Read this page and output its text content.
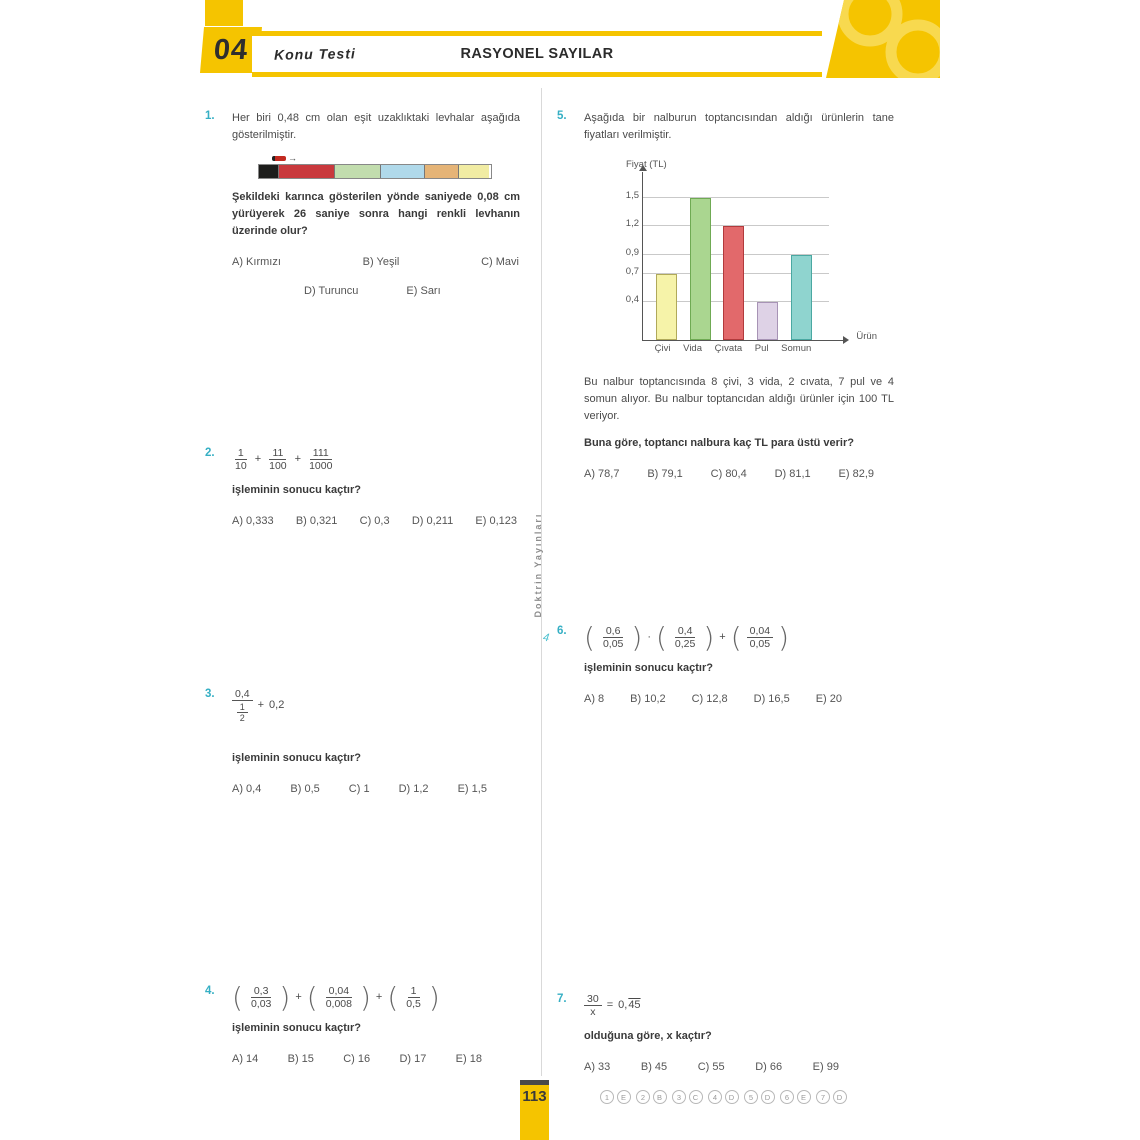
04 Konu Testi	RASYONEL SAYILAR
Doktrin Yayınları
4
1.	Her biri 0,48 cm olan eşit uzaklıktaki levhalar aşağıda gösterilmiştir.

→

Şekildeki karınca gösterilen yönde saniyede 0,08 cm yürüyerek 26 saniye sonra hangi renkli levhanın üzerinde olur?

A) Kırmızı	B) Yeşil	C) Mavi
D) Turuncu	E) Sarı
2.	$\frac{1}{10} + \frac{11}{100} + \frac{111}{1000}$

işleminin sonucu kaçtır?

A) 0,333 B) 0,321 C) 0,3 D) 0,211 E) 0,123
3.	$\frac{0,4}{\frac{1}{2}} + 0,2$

işleminin sonucu kaçtır?

A) 0,4	B) 0,5	C) 1	D) 1,2	E) 1,5
4. ( $\frac{0,3}{0,03}$ ) + ( $\frac{0,04}{0,008}$ ) + ( $\frac{1}{0,5}$ )

işleminin sonucu kaçtır?

A) 14	B) 15	C) 16	D) 17	E) 18
5.	Aşağıda bir nalburun toptancısından aldığı ürünlerin tane fiyatları verilmiştir.

Fiyat (TL)
Ürün
0,4
0,7
0,9
1,2
1,5
Çivi Vida Çıvata Pul Somun

Bu nalbur toptancısında 8 çivi, 3 vida, 2 cıvata, 7 pul ve 4 somun alıyor. Bu nalbur toptancıdan aldığı ürünler için 100 TL veriyor.

Buna göre, toptancı nalbura kaç TL para üstü verir?

A) 78,7	B) 79,1	C) 80,4	D) 81,1	E) 82,9
6. ( $\frac{0,6}{0,05}$ ) · ( $\frac{0,4}{0,25}$ ) + ( $\frac{0,04}{0,05}$ )

işleminin sonucu kaçtır?

A) 8 B) 10,2 C) 12,8 D) 16,5 E) 20
7.	$\frac{30}{x} = 0$, 45

olduğuna göre, x kaçtır?

A) 33	B) 45	C) 55	D) 66	E) 99
113	1	E	2	B	3	C	4	D	5	D	6	E	7	D
